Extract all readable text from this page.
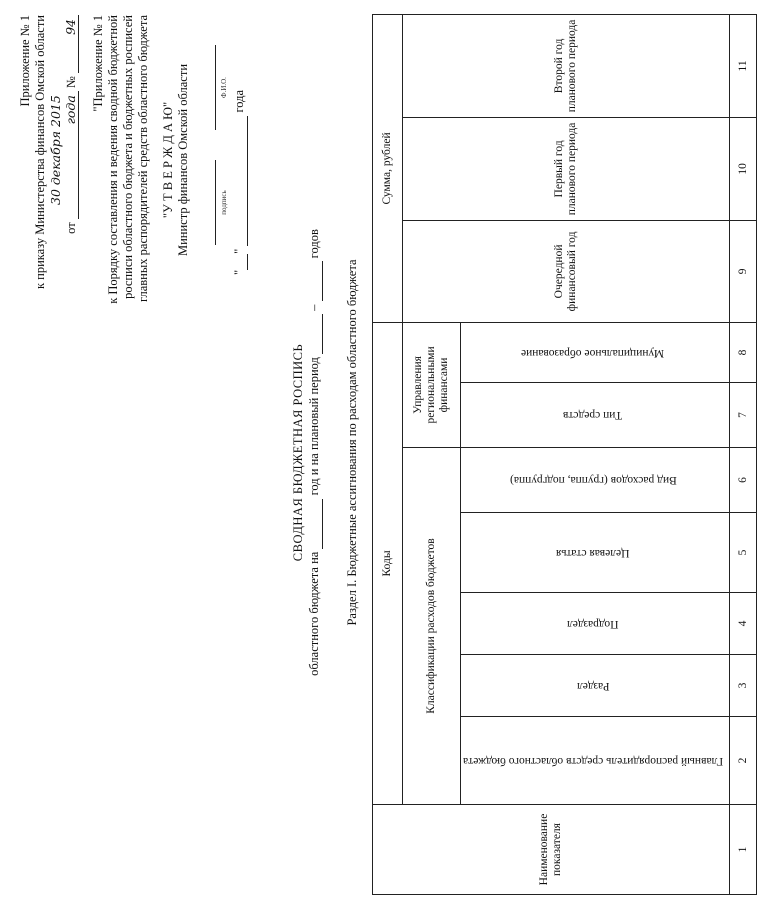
Приложение № 1 к приказу Министерства финансов Омской области	от 30 декабря 2015 года № 94 "Приложение № 1 к Порядку составления и ведения сводной бюджетной росписи областного бюджета и бюджетных росписей главных распорядителей средств областного бюджета "У Т В Е Р Ж Д А Ю" Министр финансов Омской области	подпись
Ф.И.О.
" "   года
СВОДНАЯ БЮДЖЕТНАЯ РОСПИСЬ
областного бюджета на   год и на плановый период   –   годов
Раздел I. Бюджетные ассигнования по расходам областного бюджета
Наименование показателя	Коды							Сумма, рублей		
	Классификации расходов бюджетов					Управления региональными финансами		Очередной финансовый год	Первый год планового периода	Второй год планового периода
	Главный распорядитель средств областного бюджета	Раздел	Подраздел	Целевая статья	Вид расходов (группа, подгруппа)	Тип средств	Муниципальное образование			
1	2	3	4	5	6	7	8	9	10	11
